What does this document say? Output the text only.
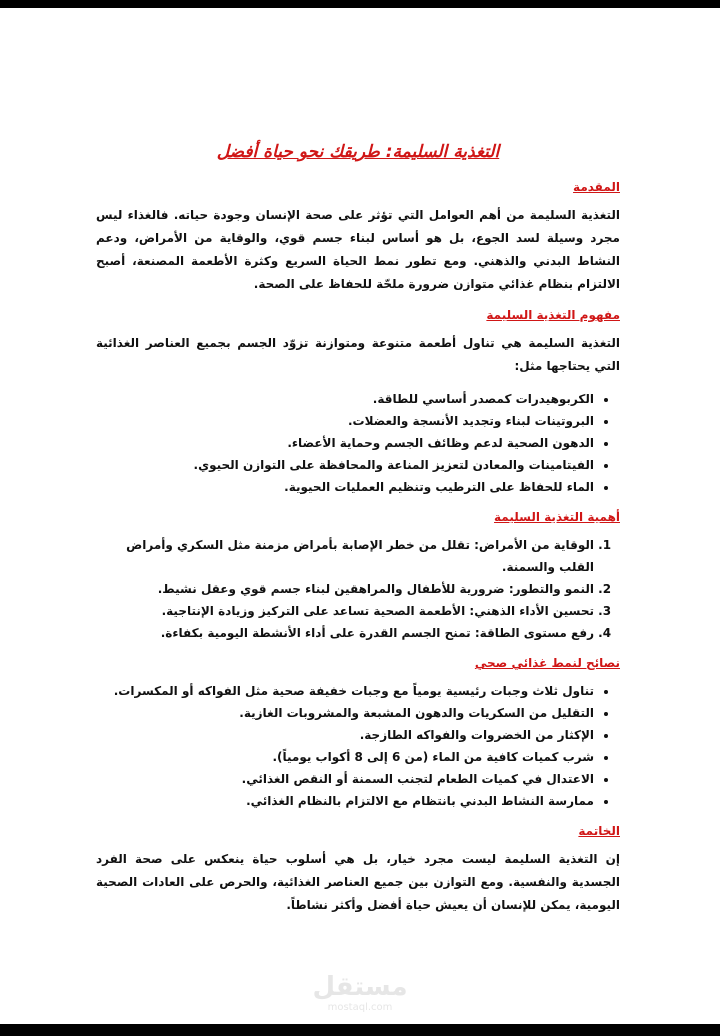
التغذية السليمة: طريقك نحو حياة أفضل
المقدمة

التغذية السليمة من أهم العوامل التي تؤثر على صحة الإنسان وجودة حياته. فالغذاء ليس مجرد وسيلة لسد الجوع، بل هو أساس لبناء جسم قوي، والوقاية من الأمراض، ودعم النشاط البدني والذهني. ومع تطور نمط الحياة السريع وكثرة الأطعمة المصنعة، أصبح الالتزام بنظام غذائي متوازن ضرورة ملحّة للحفاظ على الصحة.

مفهوم التغذية السليمة

التغذية السليمة هي تناول أطعمة متنوعة ومتوازنة تزوّد الجسم بجميع العناصر الغذائية التي يحتاجها مثل:

• الكربوهيدرات كمصدر أساسي للطاقة.
• البروتينات لبناء وتجديد الأنسجة والعضلات.
• الدهون الصحية لدعم وظائف الجسم وحماية الأعضاء.
• الفيتامينات والمعادن لتعزيز المناعة والمحافظة على التوازن الحيوي.
• الماء للحفاظ على الترطيب وتنظيم العمليات الحيوية.
أهمية التغذية السليمة
1. الوقاية من الأمراض: تقلل من خطر الإصابة بأمراض مزمنة مثل السكري وأمراض القلب والسمنة.
2. النمو والتطور: ضرورية للأطفال والمراهقين لبناء جسم قوي وعقل نشيط.
3. تحسين الأداء الذهني: الأطعمة الصحية تساعد على التركيز وزيادة الإنتاجية.
4. رفع مستوى الطاقة: تمنح الجسم القدرة على أداء الأنشطة اليومية بكفاءة.
نصائح لنمط غذائي صحي
• تناول ثلاث وجبات رئيسية يومياً مع وجبات خفيفة صحية مثل الفواكه أو المكسرات.
• التقليل من السكريات والدهون المشبعة والمشروبات الغازية.
• الإكثار من الخضروات والفواكه الطازجة.
• شرب كميات كافية من الماء (من 6 إلى 8 أكواب يومياً).
• الاعتدال في كميات الطعام لتجنب السمنة أو النقص الغذائي.
• ممارسة النشاط البدني بانتظام مع الالتزام بالنظام الغذائي.
الخاتمة

إن التغذية السليمة ليست مجرد خيار، بل هي أسلوب حياة ينعكس على صحة الفرد الجسدية والنفسية. ومع التوازن بين جميع العناصر الغذائية، والحرص على العادات الصحية اليومية، يمكن للإنسان أن يعيش حياة أفضل وأكثر نشاطاً.

مستقل
mostaql.com
